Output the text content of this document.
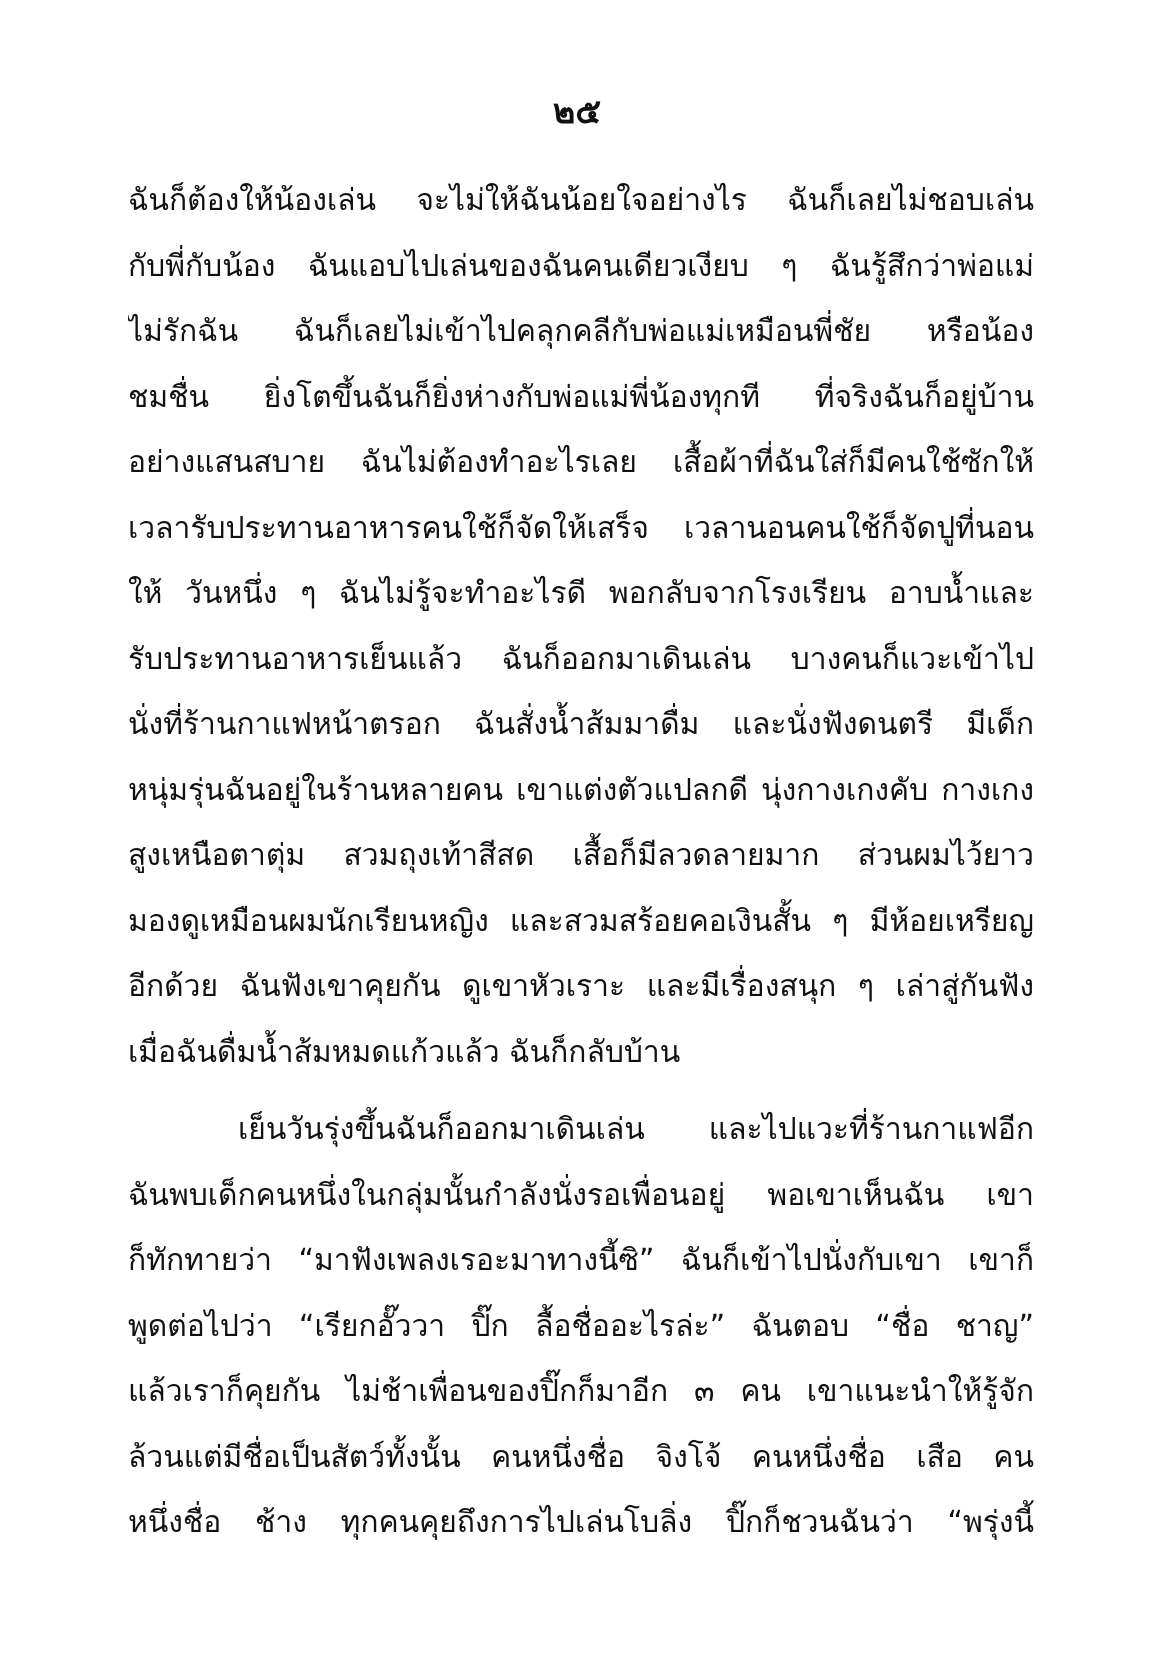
๒๕
ฉันก็ต้องให้น้องเล่น จะไม่ให้ฉันน้อยใจอย่างไร ฉันก็เลยไม่ชอบเล่น
กับพี่กับน้อง ฉันแอบไปเล่นของฉันคนเดียวเงียบ ๆ ฉันรู้สึกว่าพ่อแม่
ไม่รักฉัน ฉันก็เลยไม่เข้าไปคลุกคลีกับพ่อแม่เหมือนพี่ชัย หรือน้อง
ชมชื่น ยิ่งโตขึ้นฉันก็ยิ่งห่างกับพ่อแม่พี่น้องทุกที ที่จริงฉันก็อยู่บ้าน
อย่างแสนสบาย ฉันไม่ต้องทำอะไรเลย เสื้อผ้าที่ฉันใส่ก็มีคนใช้ซักให้
เวลารับประทานอาหารคนใช้ก็จัดให้เสร็จ เวลานอนคนใช้ก็จัดปูที่นอน
ให้ วันหนึ่ง ๆ ฉันไม่รู้จะทำอะไรดี พอกลับจากโรงเรียน อาบน้ำและ
รับประทานอาหารเย็นแล้ว ฉันก็ออกมาเดินเล่น บางคนก็แวะเข้าไป
นั่งที่ร้านกาแฟหน้าตรอก ฉันสั่งน้ำส้มมาดื่ม และนั่งฟังดนตรี มีเด็ก
หนุ่มรุ่นฉันอยู่ในร้านหลายคน เขาแต่งตัวแปลกดี นุ่งกางเกงคับ กางเกง
สูงเหนือตาตุ่ม สวมถุงเท้าสีสด เสื้อก็มีลวดลายมาก ส่วนผมไว้ยาว
มองดูเหมือนผมนักเรียนหญิง และสวมสร้อยคอเงินสั้น ๆ มีห้อยเหรียญ
อีกด้วย ฉันฟังเขาคุยกัน ดูเขาหัวเราะ และมีเรื่องสนุก ๆ เล่าสู่กันฟัง
เมื่อฉันดื่มน้ำส้มหมดแก้วแล้ว ฉันก็กลับบ้าน
เย็นวันรุ่งขึ้นฉันก็ออกมาเดินเล่น และไปแวะที่ร้านกาแฟอีก
ฉันพบเด็กคนหนึ่งในกลุ่มนั้นกำลังนั่งรอเพื่อนอยู่ พอเขาเห็นฉัน เขา
ก็ทักทายว่า “มาฟังเพลงเรอะมาทางนี้ซิ” ฉันก็เข้าไปนั่งกับเขา เขาก็
พูดต่อไปว่า “เรียกอั๊ววา ปิ๊ก ลื้อชื่ออะไรล่ะ” ฉันตอบ “ชื่อ ชาญ”
แล้วเราก็คุยกัน ไม่ช้าเพื่อนของปิ๊กก็มาอีก ๓ คน เขาแนะนำให้รู้จัก
ล้วนแต่มีชื่อเป็นสัตว์ทั้งนั้น คนหนึ่งชื่อ จิงโจ้ คนหนึ่งชื่อ เสือ คน
หนึ่งชื่อ ช้าง ทุกคนคุยถึงการไปเล่นโบลิ่ง ปิ๊กก็ชวนฉันว่า “พรุ่งนี้
